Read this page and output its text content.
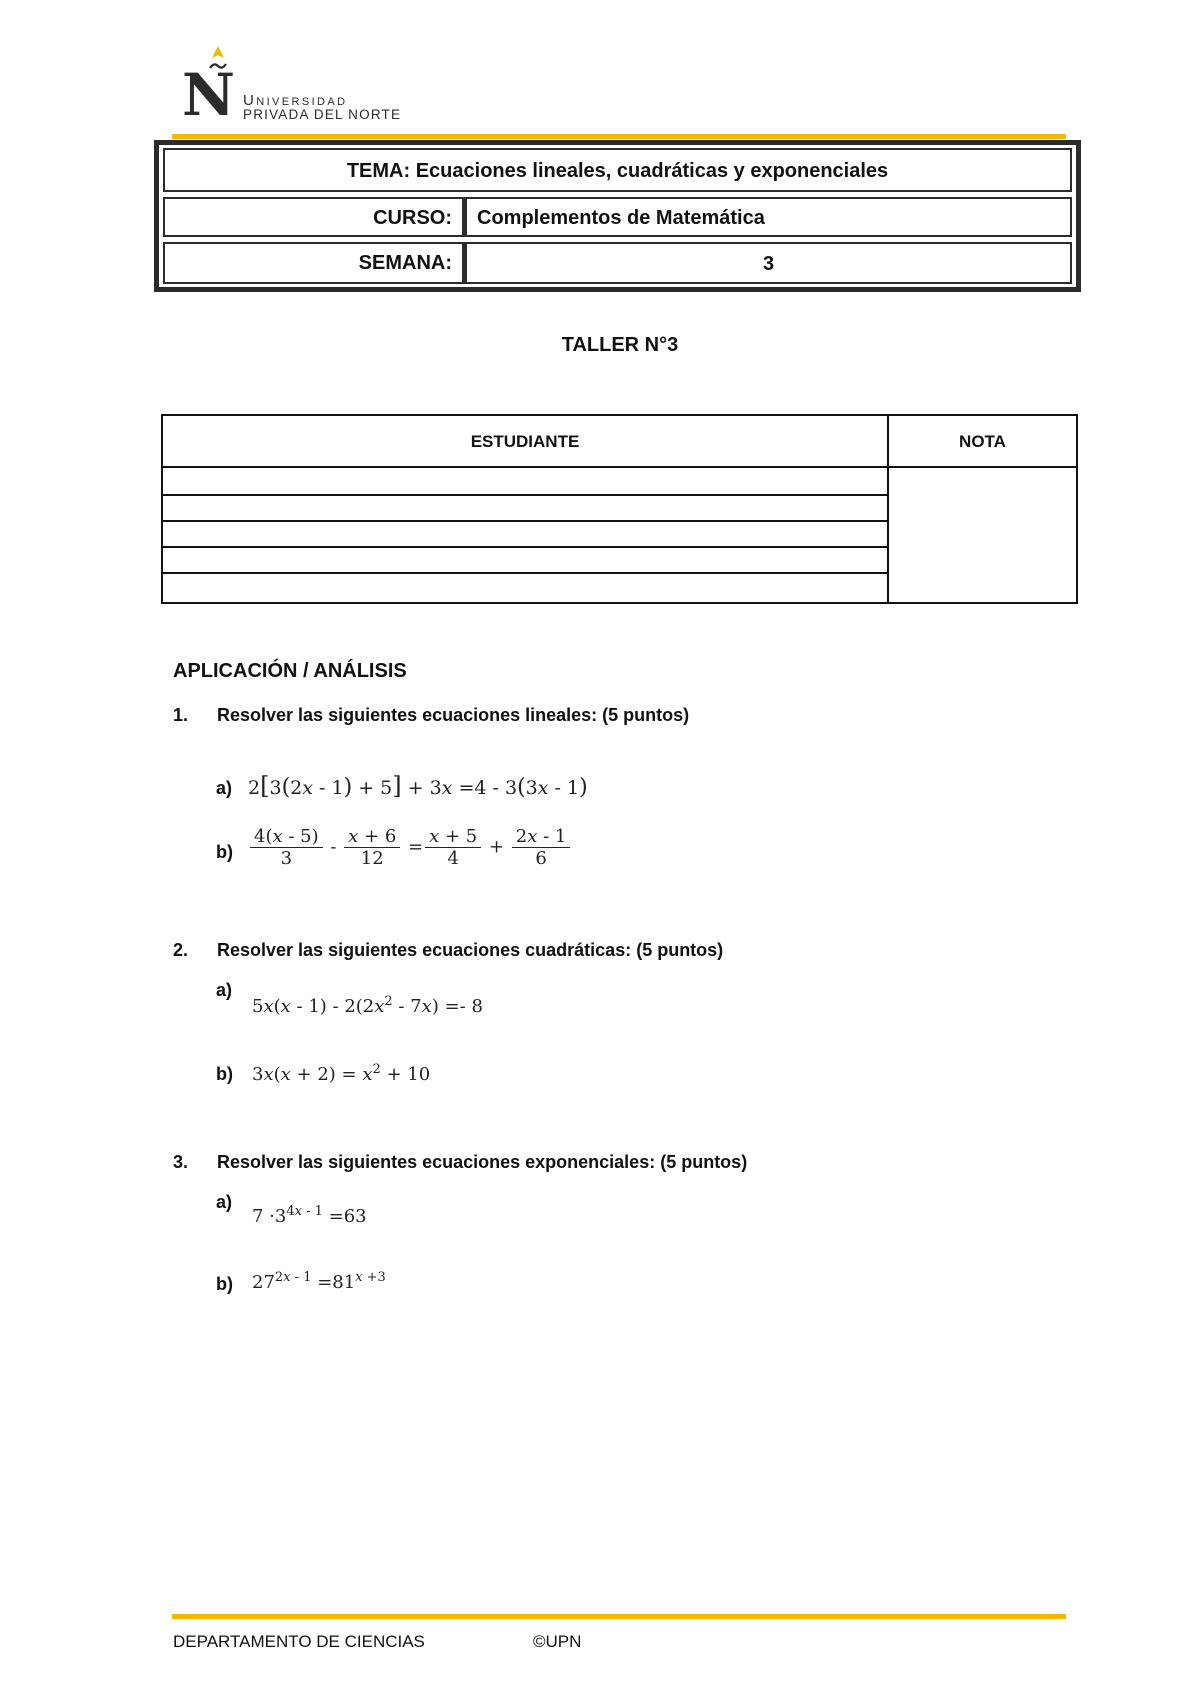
N Universidad
PRIVADA DEL NORTE
TEMA: Ecuaciones lineales, cuadráticas y exponenciales
CURSO: Complementos de Matemática
SEMANA:	3
TALLER N°3
ESTUDIANTE	NOTA
APLICACIÓN / ANÁLISIS
1. Resolver las siguientes ecuaciones lineales: (5 puntos)
a) 2[3(2x - 1) + 5] + 3x =4 - 3(3x - 1)
$b) \frac{4(x - 5)}{3} - \frac{x + 6}{12} = \frac{x + 5}{4} + \frac{2x - 1}{6}$
2. Resolver las siguientes ecuaciones cuadráticas: (5 puntos)
a)
$5x(x - 1) - 2(2x^2 - 7x) =- 8$
b) $3x(x + 2) = x^2 + 10$
3. Resolver las siguientes ecuaciones exponenciales: (5 puntos)
a)
$7 \cdot 3^{4x - 1} =63$
b) $27^{2x - 1} =81^{x +3}$
DEPARTAMENTO DE CIENCIAS	©UPN
